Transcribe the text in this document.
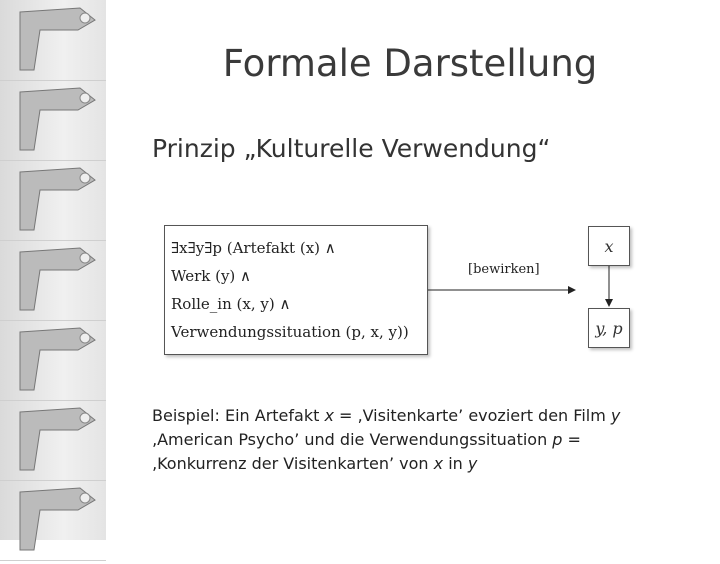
Formale Darstellung
Prinzip „Kulturelle Verwendung“
∃x∃y∃p (Artefakt (x) ∧
Werk (y) ∧
Rolle_in (x, y) ∧
Verwendungssituation (p, x, y))
[bewirken]
x
y, p
Beispiel: Ein Artefakt x = ‚Visitenkarte’ evoziert den Film y ‚American Psycho’ und die Verwendungssituation p = ‚Konkurrenz der Visitenkarten’ von x in y
